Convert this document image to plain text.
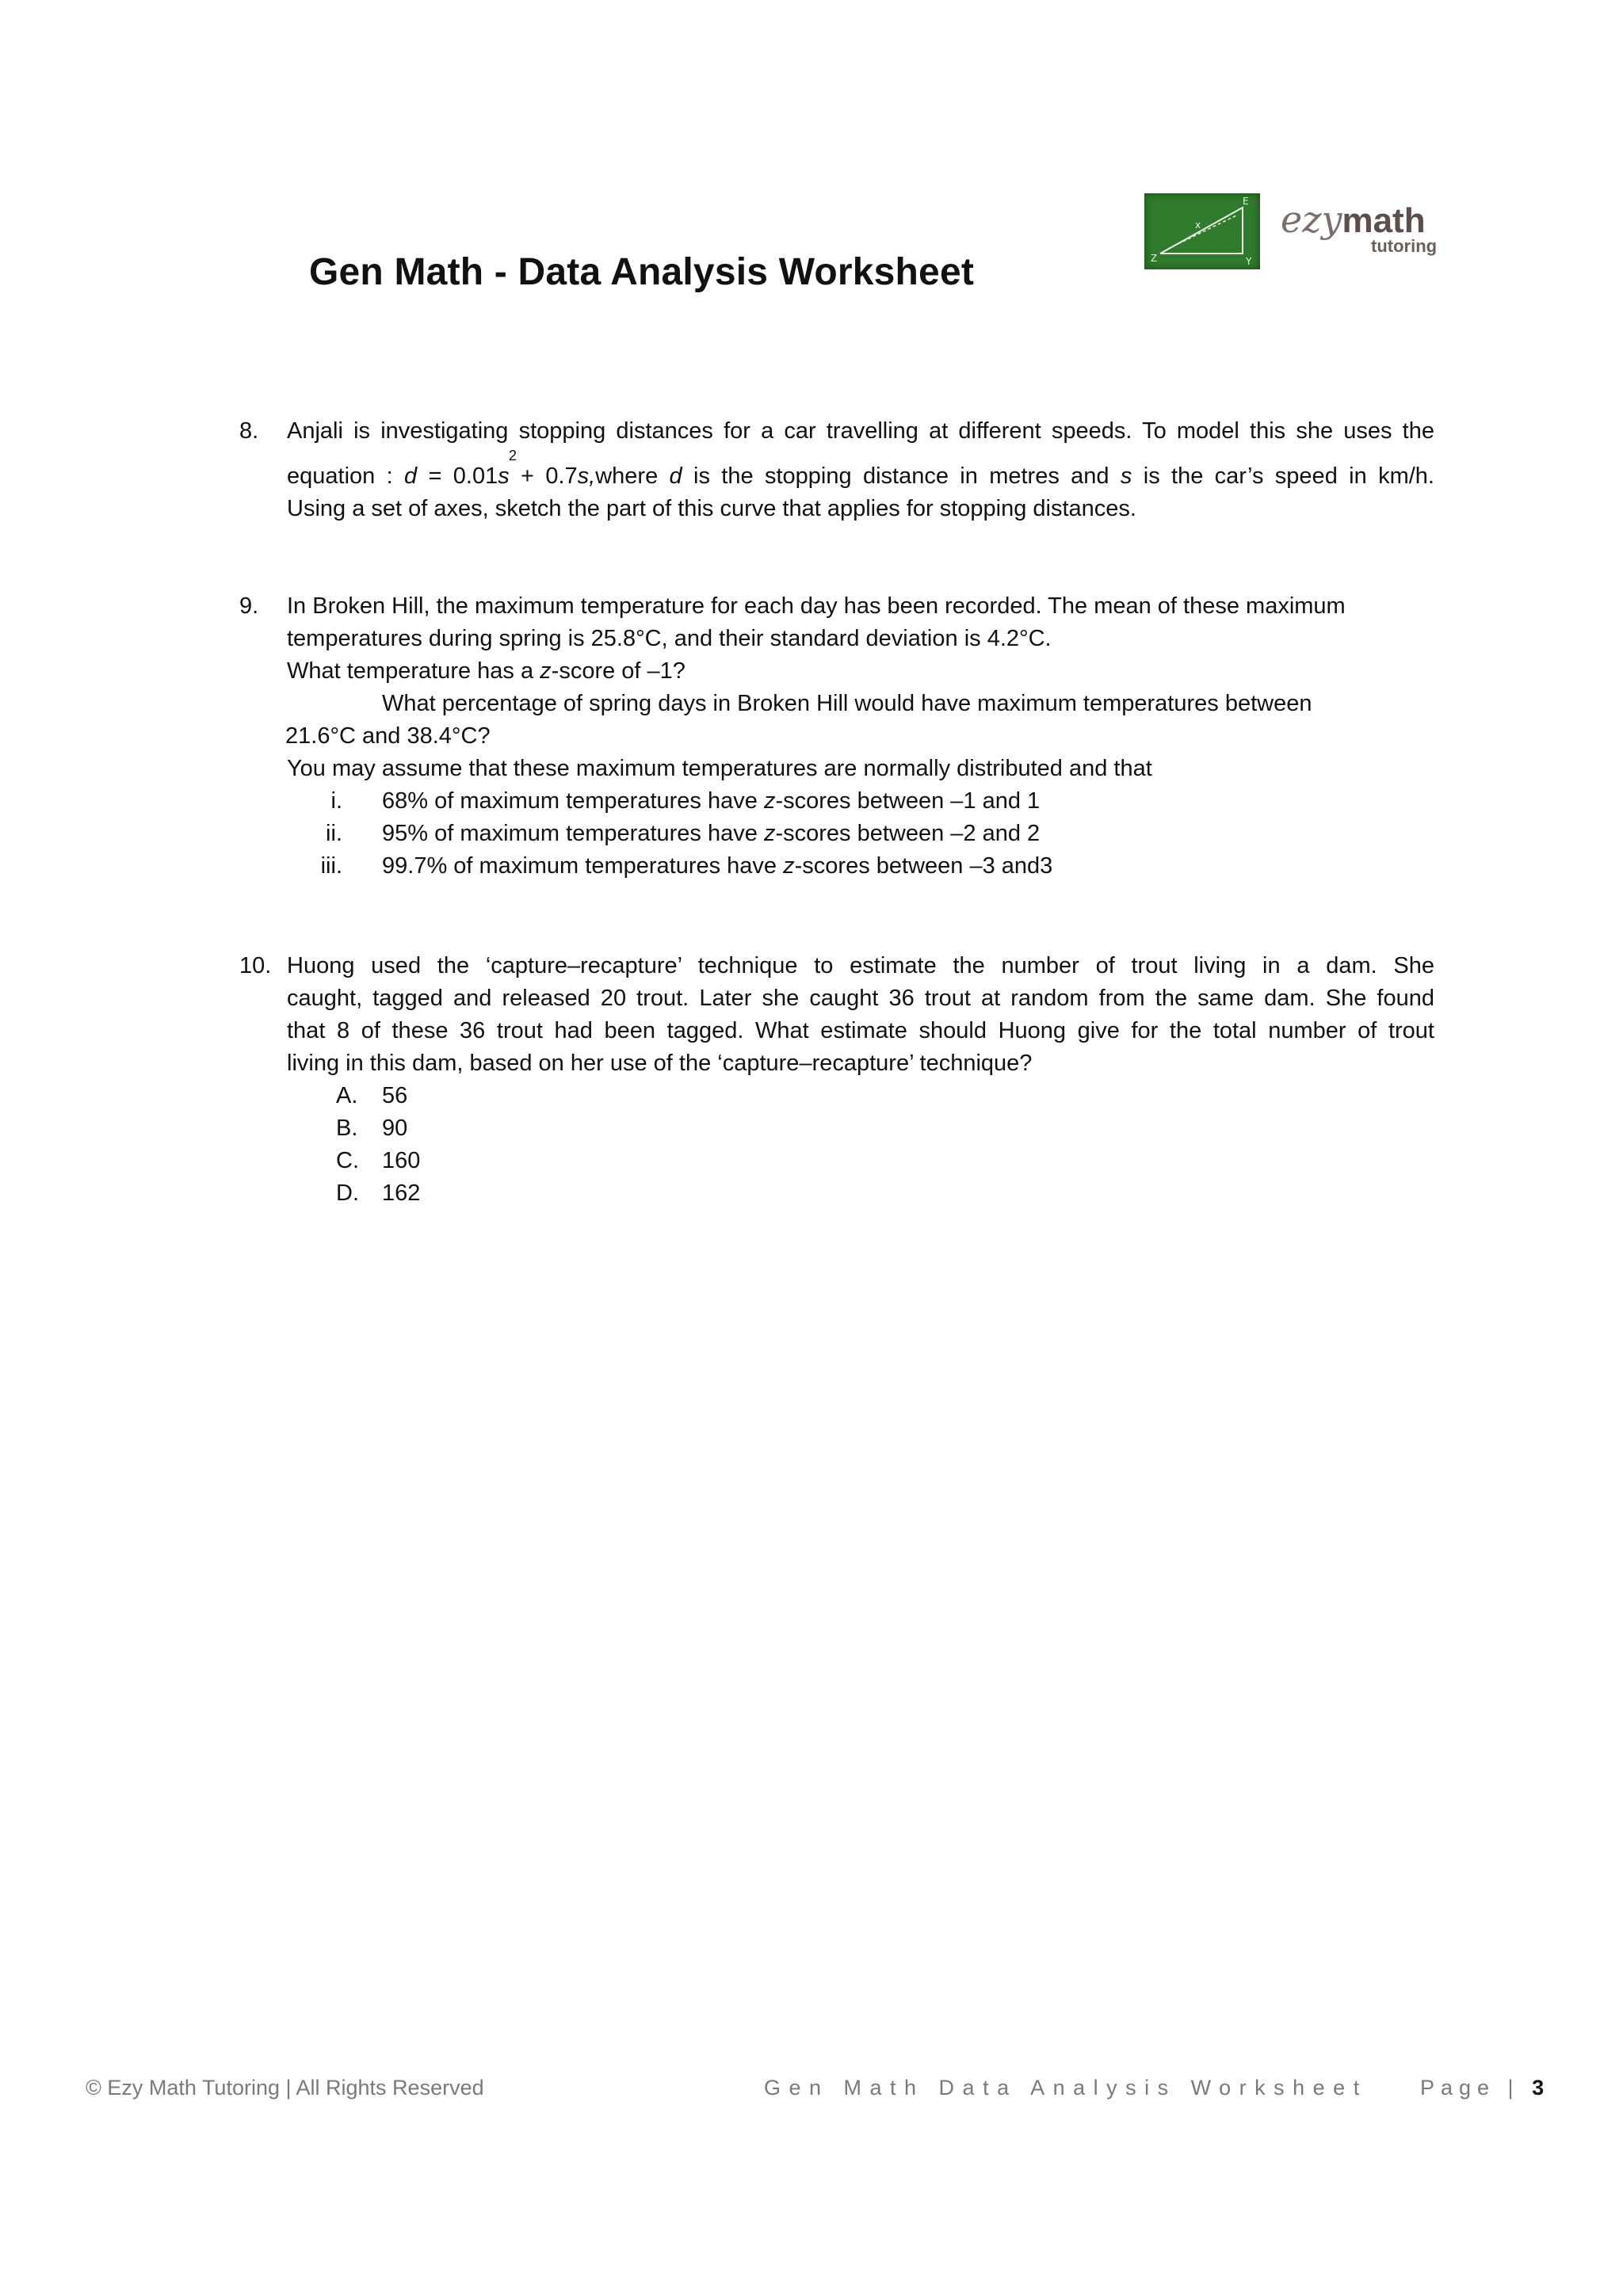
Gen Math - Data Analysis Worksheet
E
Z	Y
x ezymath
tutoring
8. Anjali is investigating stopping distances for a car travelling at different speeds. To model this she uses the
2
equation : d = 0.01s + 0.7s,where d is the stopping distance in metres and s is the car’s speed in km/h.
Using a set of axes, sketch the part of this curve that applies for stopping distances.
9. In Broken Hill, the maximum temperature for each day has been recorded. The mean of these maximum
temperatures during spring is 25.8°C, and their standard deviation is 4.2°C.
What temperature has a z-score of –1?
What percentage of spring days in Broken Hill would have maximum temperatures between
21.6°C and 38.4°C?
You may assume that these maximum temperatures are normally distributed and that
i. 68% of maximum temperatures have z-scores between –1 and 1
ii. 95% of maximum temperatures have z-scores between –2 and 2
iii. 99.7% of maximum temperatures have z-scores between –3 and3
10. Huong used the ‘capture–recapture’ technique to estimate the number of trout living in a dam. She
caught, tagged and released 20 trout. Later she caught 36 trout at random from the same dam. She found
that 8 of these 36 trout had been tagged. What estimate should Huong give for the total number of trout
living in this dam, based on her use of the ‘capture–recapture’ technique?
A. 56
B. 90
C. 160
D. 162
© Ezy Math Tutoring | All Rights Reserved	Gen Math Data Analysis Worksheet Page | 3
